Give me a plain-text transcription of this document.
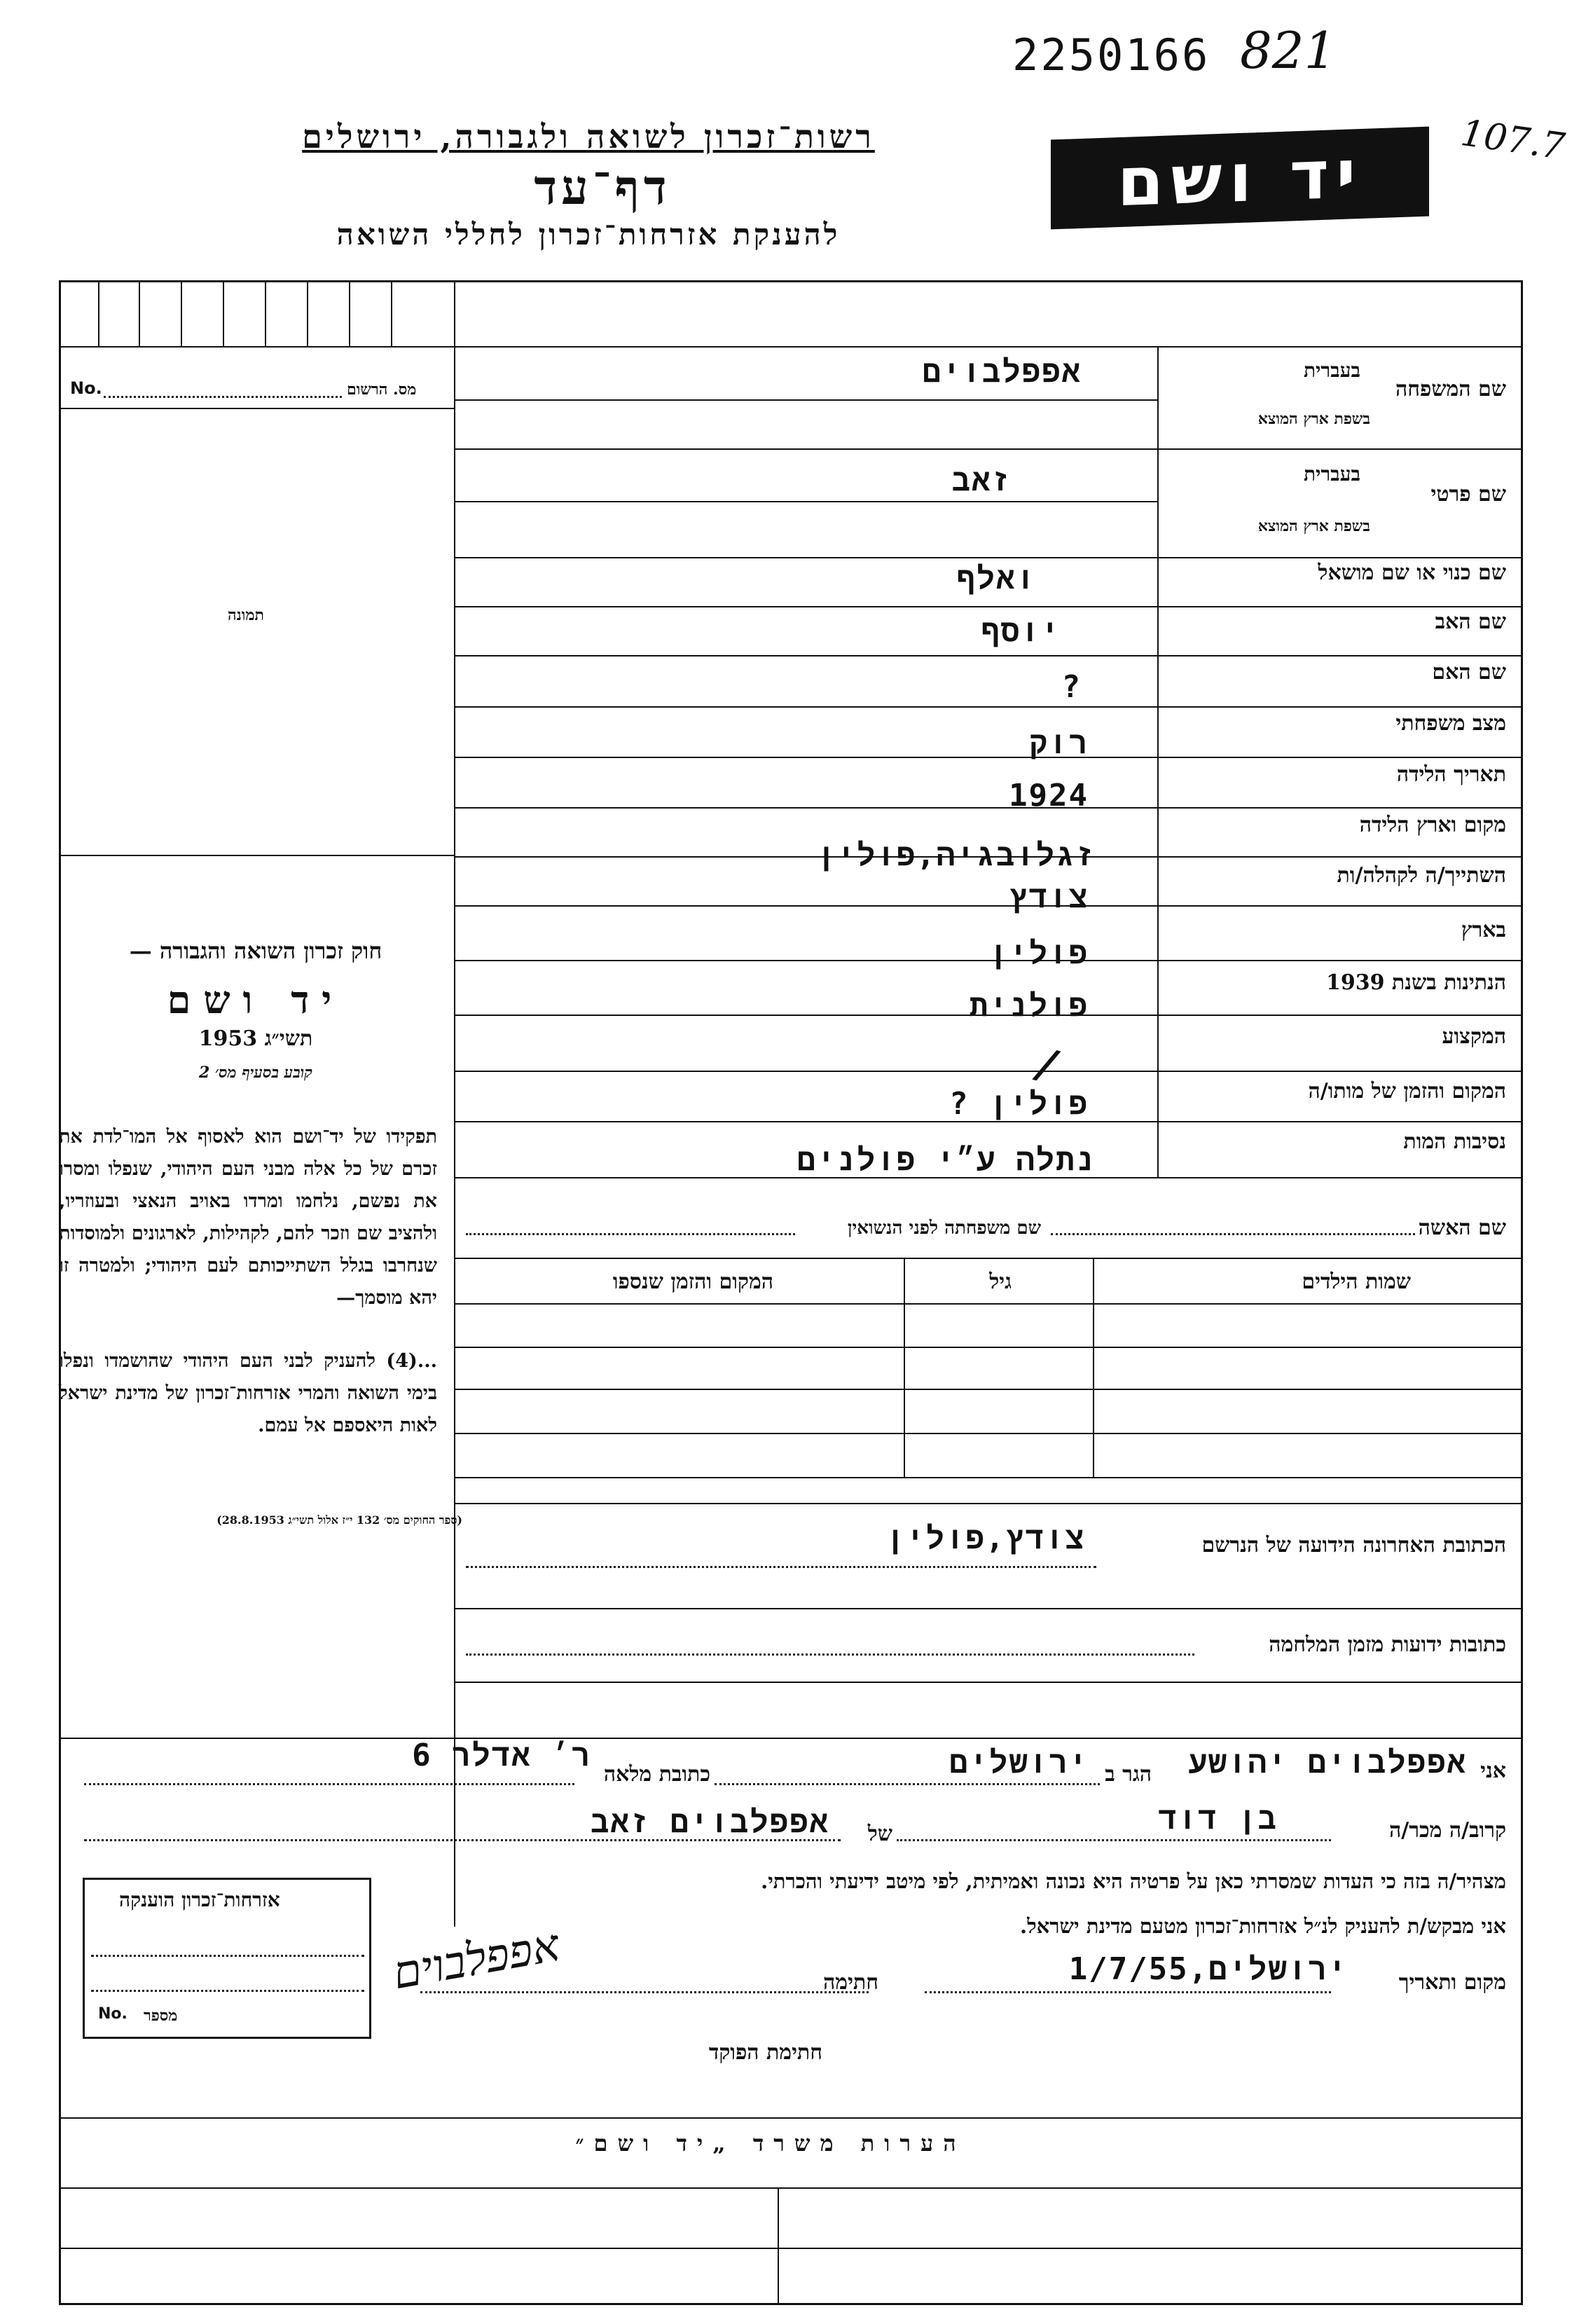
2250166 821
107.7
יד ושם
רשות־זכרון לשואה ולגבורה, ירושלים
דף־עד
להענקת אזרחות־זכרון לחללי השואה
No.	מס. הרשום
תמונה
חוק זכרון השואה והגבורה —
יד ושם
תשי״ג 1953
קובע בסעיף מס׳ 2
תפקידו של יד־ושם הוא לאסוף אל המו־לדת את זכרם של כל אלה מבני העם היהודי, שנפלו ומסרו את נפשם, נלחמו ומרדו באויב הנאצי ובעוזריו, ולהציב שם וזכר להם, לקהילות, לארגונים ולמוסדות שנחרבו בגלל השתייכותם לעם היהודי; ולמטרה זו יהא מוסמך—
...(4) להעניק לבני העם היהודי שהושמדו ונפלו בימי השואה והמרי אזרחות־זכרון של מדינת ישראל לאות היאספם אל עמם.
(ספר החוקים מס׳ 132 י״ז אלול תשי״ג 28.8.1953)
שם המשפחה
בעברית
בשפת ארץ המוצא
שם פרטי
בעברית
בשפת ארץ המוצא
שם כנוי או שם מושאל
שם האב
שם האם
מצב משפחתי
תאריך הלידה
מקום וארץ הלידה
השתייך/ה לקהלה/ות
בארץ
הנתינות בשנת 1939
המקצוע
המקום והזמן של מותו/ה
נסיבות המות
אפפלבוים
זאב
ואלף
יוסף
?
רוק
1924
זגלובגיה,פולין
צודץ
פולין
פולנית
/
פולין ?
נתלה ע״י פולנים
שם האשה
שם משפחתה לפני הנשואין
שמות הילדים
גיל
המקום והזמן שנספו
הכתובת האחרונה הידועה של הנרשם
צודץ,פולין
כתובות ידועות מזמן המלחמה
אני
אפפלבוים יהושע
הגר ב
ירושלים
כתובת מלאה
ר׳ אדלר 6
קרוב/ה מכר/ה
בן דוד
של
אפפלבוים זאב
מצהיר/ה בזה כי העדות שמסרתי כאן על פרטיה היא נכונה ואמיתית, לפי מיטב ידיעתי והכרתי.
אני מבקש/ת להעניק לנ״ל אזרחות־זכרון מטעם מדינת ישראל.
מקום ותאריך
ירושלים,1/7/55
חתימה
אפפלבוים
חתימת הפוקד
אזרחות־זכרון הוענקה
No. מספר
הערות משרד „יד ושם״
